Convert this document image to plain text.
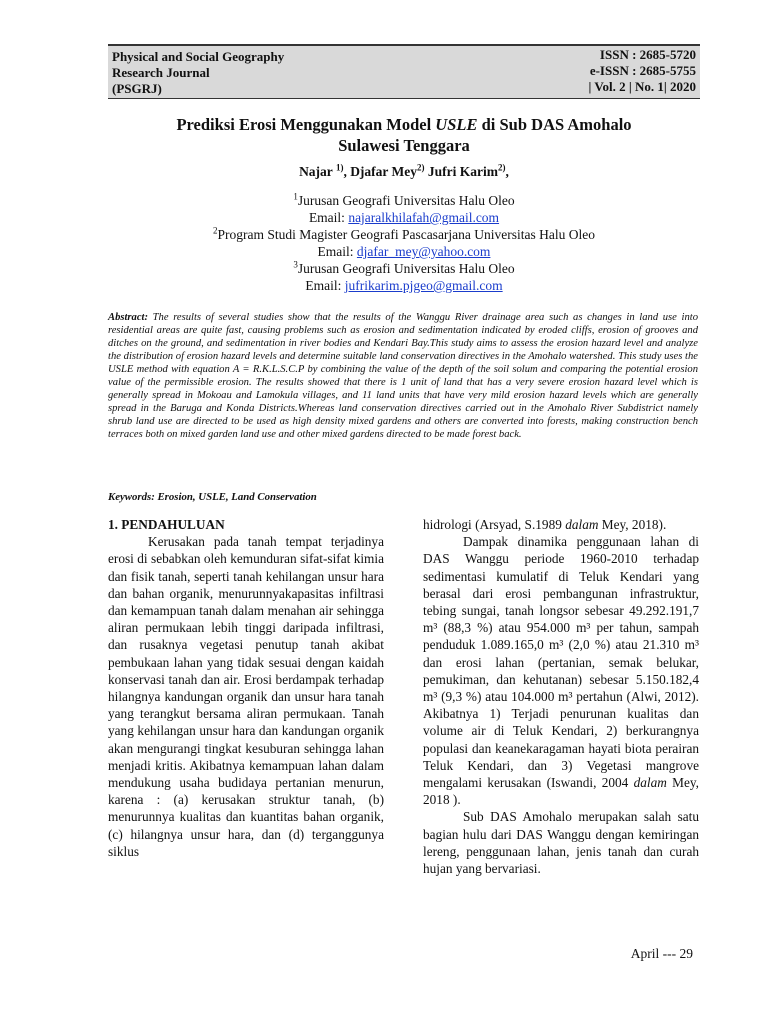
Physical and Social Geography
Research Journal
(PSGRJ)
ISSN : 2685-5720
e-ISSN : 2685-5755
| Vol. 2 | No. 1| 2020
Prediksi Erosi Menggunakan Model USLE di Sub DAS Amohalo
Sulawesi Tenggara
Najar $^{1)}$, Djafar Mey$^{2)}$ Jufri Karim$^{2)}$,
$^1$Jurusan Geografi Universitas Halu Oleo
Email: najaralkhilafah@gmail.com
$^2$Program Studi Magister Geografi Pascasarjana Universitas Halu Oleo
Email: djafar_mey@yahoo.com
$^3$Jurusan Geografi Universitas Halu Oleo
Email: jufrikarim.pjgeo@gmail.com
Abstract: The results of several studies show that the results of the Wanggu River drainage area such as changes in land use into residential areas are quite fast, causing problems such as erosion and sedimentation indicated by eroded cliffs, erosion of grooves and ditches on the ground, and sedimentation in river bodies and Kendari Bay.This study aims to assess the erosion hazard level and analyze the distribution of erosion hazard levels and determine suitable land conservation directives in the Amohalo watershed. This study uses the USLE method with equation A = R.K.L.S.C.P by combining the value of the depth of the soil solum and comparing the potential erosion value of the permissible erosion. The results showed that there is 1 unit of land that has a very severe erosion hazard level which is generally spread in Mokoau and Lamokula villages, and 11 land units that have very mild erosion hazard levels which are generally spread in the Baruga and Konda Districts.Whereas land conservation directives carried out in the Amohalo River Subdistrict namely shrub land use are directed to be used as high density mixed gardens and others are converted into forests, making construction bench terraces both on mixed garden land use and other mixed gardens directed to be made forest back.
Keywords: Erosion, USLE, Land Conservation
1. PENDAHULUAN

Kerusakan pada tanah tempat terjadinya erosi di sebabkan oleh kemunduran sifat-sifat kimia dan fisik tanah, seperti tanah kehilangan unsur hara dan bahan organik, menurunnyakapasitas infiltrasi dan kemampuan tanah dalam menahan air sehingga aliran permukaan lebih tinggi daripada infiltrasi, dan rusaknya vegetasi penutup tanah akibat pembukaan lahan yang tidak sesuai dengan kaidah konservasi tanah dan air. Erosi berdampak terhadap hilangnya kandungan organik dan unsur hara tanah yang terangkut bersama aliran permukaan. Tanah yang kehilangan unsur hara dan kandungan organik akan mengurangi tingkat kesuburan sehingga lahan menjadi kritis. Akibatnya kemampuan lahan dalam mendukung usaha budidaya pertanian menurun, karena : (a) kerusakan struktur tanah, (b) menurunnya kualitas dan kuantitas bahan organik, (c) hilangnya unsur hara, dan (d) terganggunya siklus

hidrologi (Arsyad, S.1989 dalam Mey, 2018).

Dampak dinamika penggunaan lahan di DAS Wanggu periode 1960-2010 terhadap sedimentasi kumulatif di Teluk Kendari yang berasal dari erosi pembangunan infrastruktur, tebing sungai, tanah longsor sebesar 49.292.191,7 m³ (88,3 %) atau 954.000 m³ per tahun, sampah penduduk 1.089.165,0 m³ (2,0 %) atau 21.310 m³ dan erosi lahan (pertanian, semak belukar, pemukiman, dan kehutanan) sebesar 5.150.182,4 m³ (9,3 %) atau 104.000 m³ pertahun (Alwi, 2012). Akibatnya 1) Terjadi penurunan kualitas dan volume air di Teluk Kendari, 2) berkurangnya populasi dan keanekaragaman hayati biota perairan Teluk Kendari, dan 3) Vegetasi mangrove mengalami kerusakan (Iswandi, 2004 dalam Mey, 2018 ).

Sub DAS Amohalo merupakan salah satu bagian hulu dari DAS Wanggu dengan kemiringan lereng, penggunaan lahan, jenis tanah dan curah hujan yang bervariasi.

April --- 29
